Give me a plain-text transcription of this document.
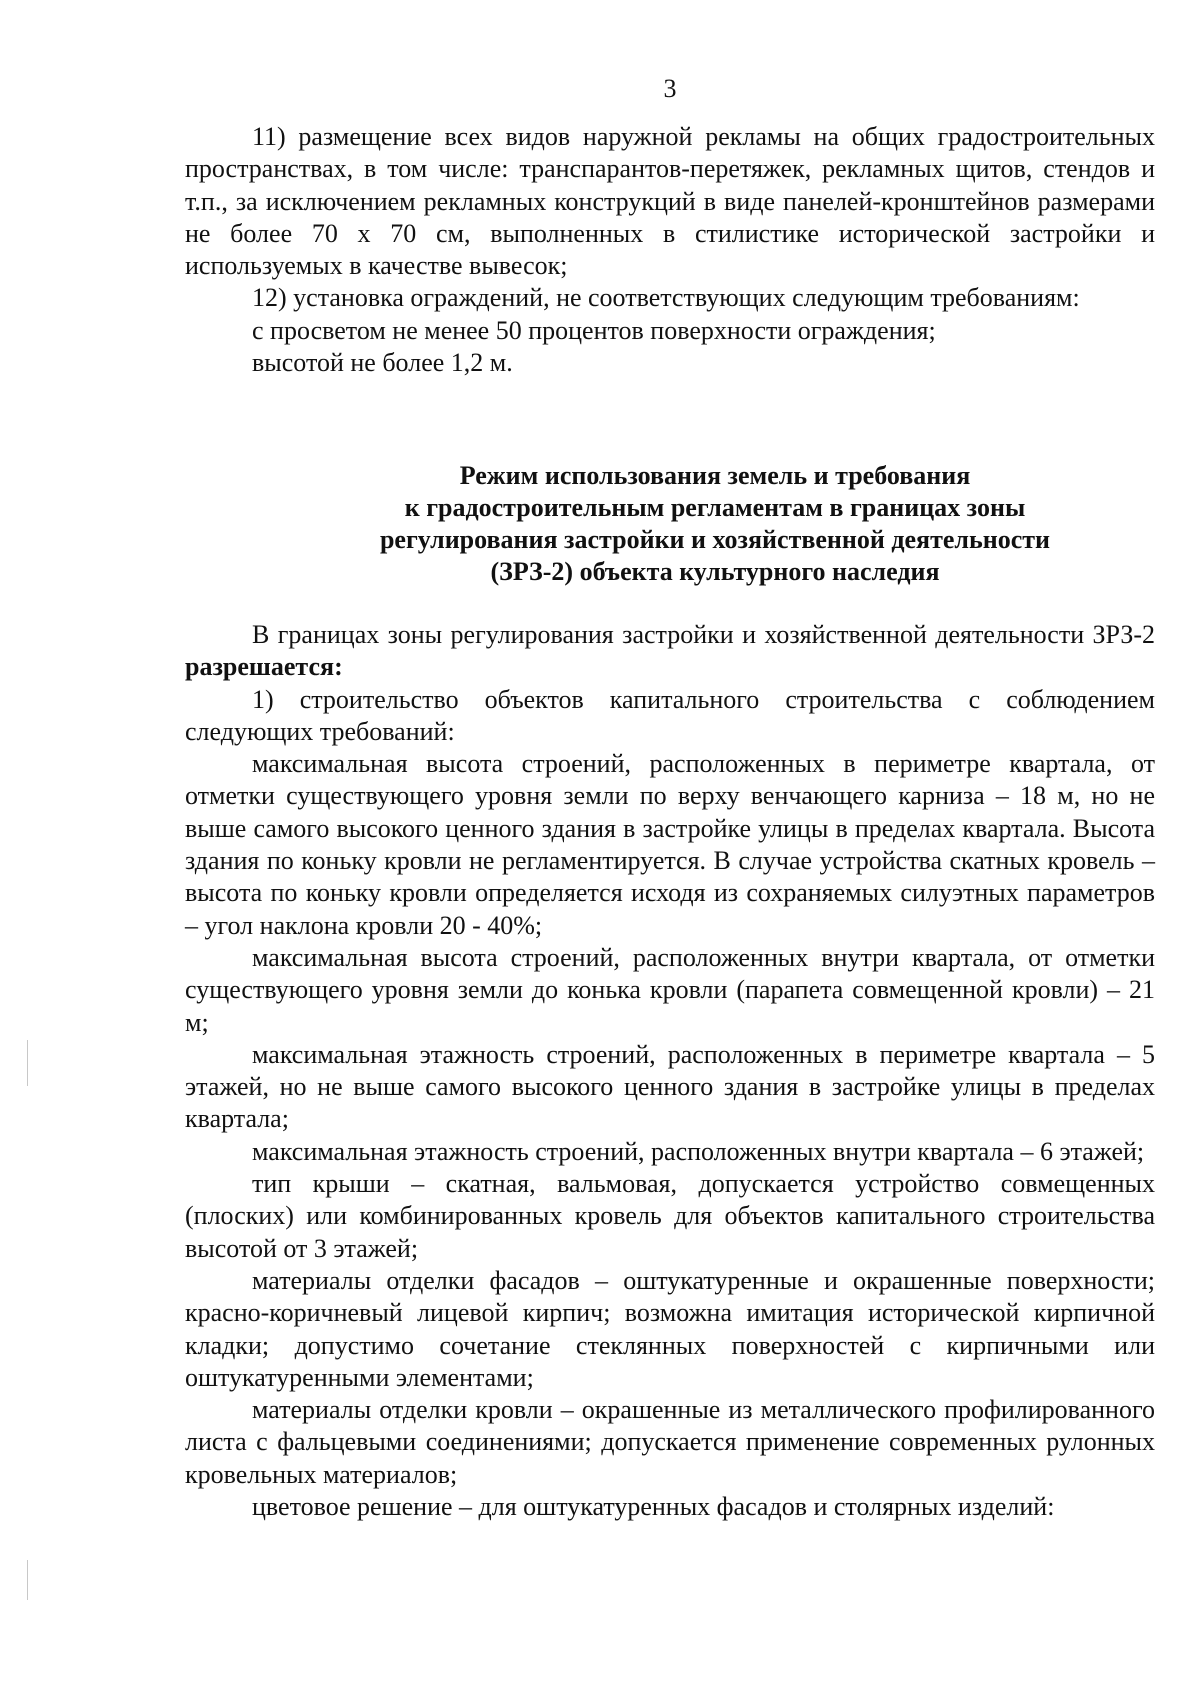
3

11) размещение всех видов наружной рекламы на общих градостроительных пространствах, в том числе: транспарантов-перетяжек, рекламных щитов, стендов и т.п., за исключением рекламных конструкций в виде панелей-кронштейнов размерами не более 70 х 70 см, выполненных в стилистике исторической застройки и используемых в качестве вывесок;

12) установка ограждений, не соответствующих следующим требованиям:

с просветом не менее 50 процентов поверхности ограждения;

высотой не более 1,2 м.

Режим использования земель и требования
к градостроительным регламентам в границах зоны
регулирования застройки и хозяйственной деятельности
(ЗРЗ-2) объекта культурного наследия

В границах зоны регулирования застройки и хозяйственной деятельности ЗРЗ-2 разрешается:

1) строительство объектов капитального строительства с соблюдением следующих требований:

максимальная высота строений, расположенных в периметре квартала, от отметки существующего уровня земли по верху венчающего карниза – 18 м, но не выше самого высокого ценного здания в застройке улицы в пределах квартала. Высота здания по коньку кровли не регламентируется. В случае устройства скатных кровель – высота по коньку кровли определяется исходя из сохраняемых силуэтных параметров – угол наклона кровли 20 - 40%;

максимальная высота строений, расположенных внутри квартала, от отметки существующего уровня земли до конька кровли (парапета совмещенной кровли) – 21 м;

максимальная этажность строений, расположенных в периметре квартала – 5 этажей, но не выше самого высокого ценного здания в застройке улицы в пределах квартала;

максимальная этажность строений, расположенных внутри квартала – 6 этажей;

тип крыши – скатная, вальмовая, допускается устройство совмещенных (плоских) или комбинированных кровель для объектов капитального строительства высотой от 3 этажей;

материалы отделки фасадов – оштукатуренные и окрашенные поверхности; красно-коричневый лицевой кирпич; возможна имитация исторической кирпичной кладки; допустимо сочетание стеклянных поверхностей с кирпичными или оштукатуренными элементами;

материалы отделки кровли – окрашенные из металлического профилированного листа с фальцевыми соединениями; допускается применение современных рулонных кровельных материалов;

цветовое решение – для оштукатуренных фасадов и столярных изделий:
